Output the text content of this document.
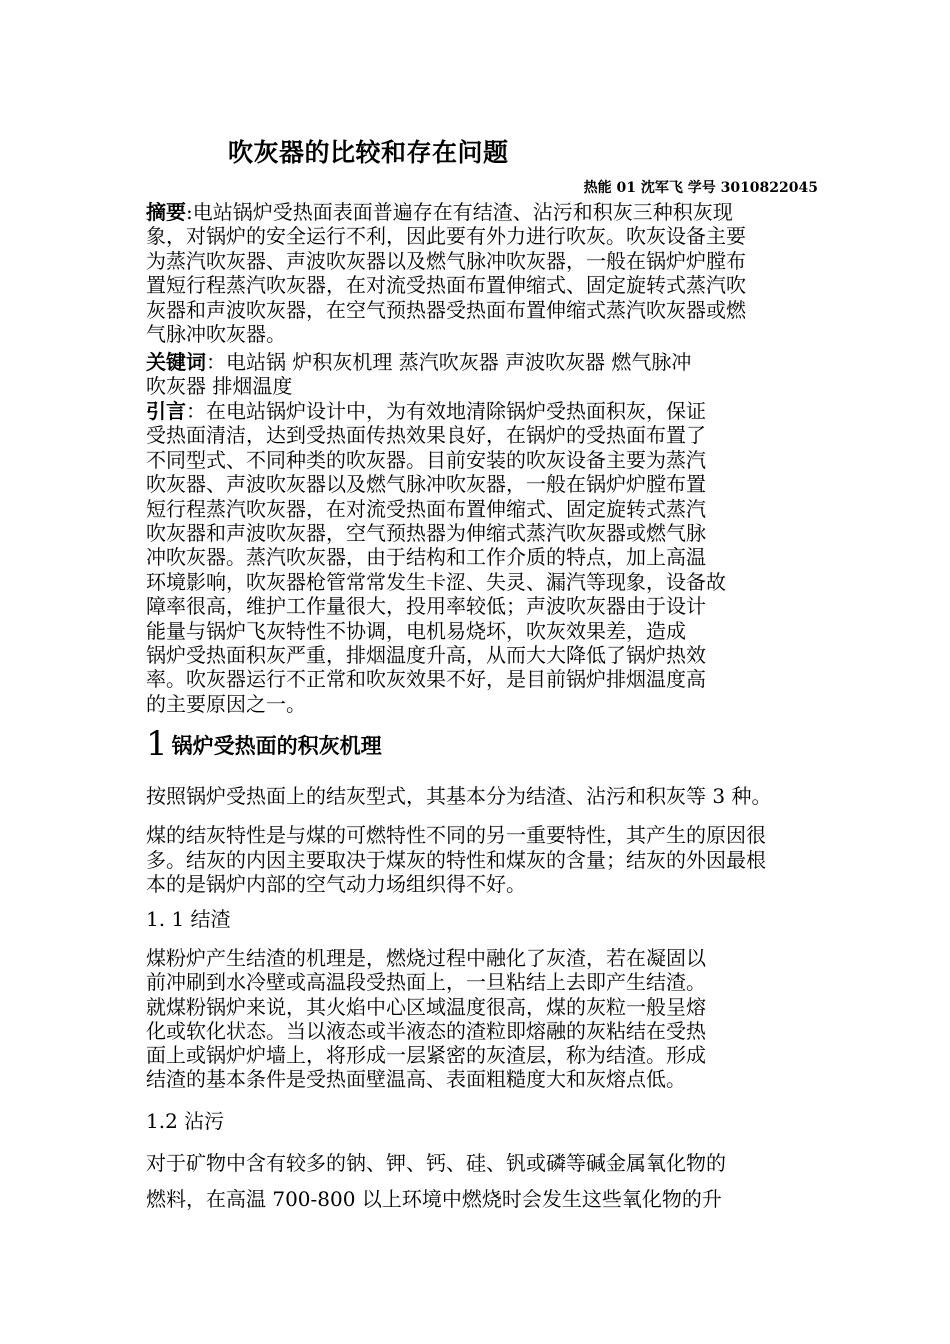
吹灰器的比较和存在问题
热能 01 沈军飞 学号 3010822045
摘要:电站锅炉受热面表面普遍存在有结渣、沾污和积灰三种积灰现
象，对锅炉的安全运行不利，因此要有外力进行吹灰。吹灰设备主要
为蒸汽吹灰器、声波吹灰器以及燃气脉冲吹灰器，一般在锅炉炉膛布
置短行程蒸汽吹灰器，在对流受热面布置伸缩式、固定旋转式蒸汽吹
灰器和声波吹灰器，在空气预热器受热面布置伸缩式蒸汽吹灰器或燃
气脉冲吹灰器。
关键词：电站锅 炉积灰机理 蒸汽吹灰器 声波吹灰器 燃气脉冲
吹灰器 排烟温度
引言：在电站锅炉设计中，为有效地清除锅炉受热面积灰，保证
受热面清洁，达到受热面传热效果良好，在锅炉的受热面布置了
不同型式、不同种类的吹灰器。目前安装的吹灰设备主要为蒸汽
吹灰器、声波吹灰器以及燃气脉冲吹灰器，一般在锅炉炉膛布置
短行程蒸汽吹灰器，在对流受热面布置伸缩式、固定旋转式蒸汽
吹灰器和声波吹灰器，空气预热器为伸缩式蒸汽吹灰器或燃气脉
冲吹灰器。蒸汽吹灰器，由于结构和工作介质的特点，加上高温
环境影响，吹灰器枪管常常发生卡涩、失灵、漏汽等现象，设备故
障率很高，维护工作量很大，投用率较低；声波吹灰器由于设计
能量与锅炉飞灰特性不协调，电机易烧坏，吹灰效果差，造成
锅炉受热面积灰严重，排烟温度升高，从而大大降低了锅炉热效
率。吹灰器运行不正常和吹灰效果不好，是目前锅炉排烟温度高
的主要原因之一。
1 锅炉受热面的积灰机理
按照锅炉受热面上的结灰型式，其基本分为结渣、沾污和积灰等 3 种。
煤的结灰特性是与煤的可燃特性不同的另一重要特性，其产生的原因很
多。结灰的内因主要取决于煤灰的特性和煤灰的含量；结灰的外因最根
本的是锅炉内部的空气动力场组织得不好。
1. 1 结渣
煤粉炉产生结渣的机理是，燃烧过程中融化了灰渣，若在凝固以
前冲刷到水冷壁或高温段受热面上，一旦粘结上去即产生结渣。
就煤粉锅炉来说，其火焰中心区域温度很高，煤的灰粒一般呈熔
化或软化状态。当以液态或半液态的渣粒即熔融的灰粘结在受热
面上或锅炉炉墙上，将形成一层紧密的灰渣层，称为结渣。形成
结渣的基本条件是受热面壁温高、表面粗糙度大和灰熔点低。
1.2 沾污
对于矿物中含有较多的钠、钾、钙、硅、钒或磷等碱金属氧化物的
燃料，在高温 700-800 以上环境中燃烧时会发生这些氧化物的升
